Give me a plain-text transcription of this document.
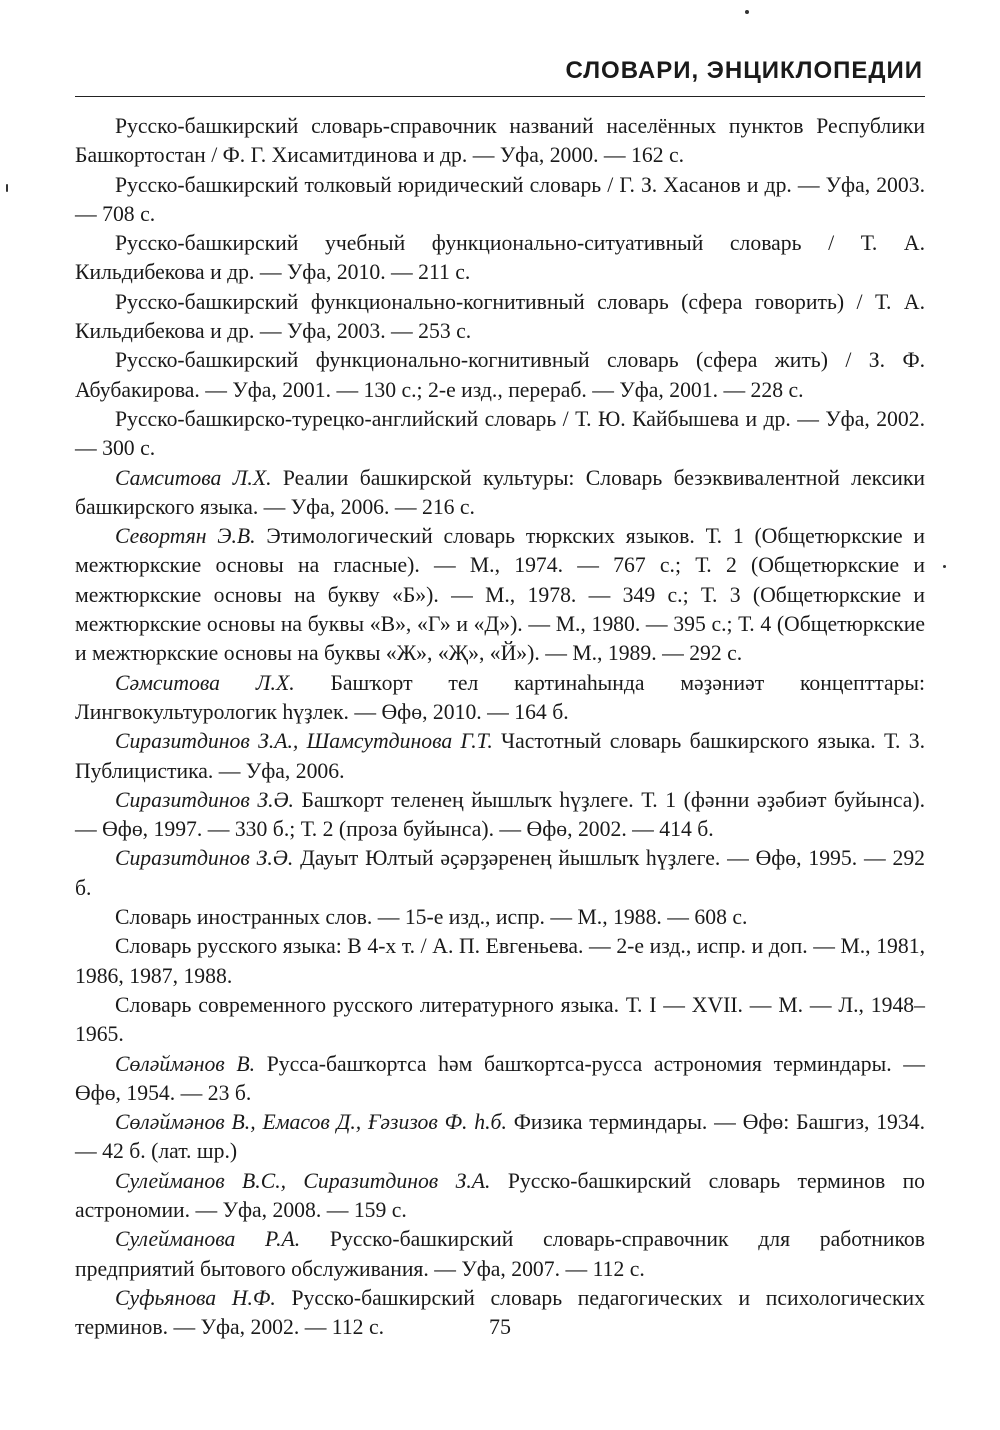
СЛОВАРИ, ЭНЦИКЛОПЕДИИ

Русско-башкирский словарь-справочник названий населённых пунктов Республики Башкортостан / Ф. Г. Хисамитдинова и др. — Уфа, 2000. — 162 с.

Русско-башкирский толковый юридический словарь / Г. З. Хасанов и др. — Уфа, 2003. — 708 с.

Русско-башкирский учебный функционально-ситуативный словарь / Т. А. Кильдибекова и др. — Уфа, 2010. — 211 с.

Русско-башкирский функционально-когнитивный словарь (сфера говорить) / Т. А. Кильдибекова и др. — Уфа, 2003. — 253 с.

Русско-башкирский функционально-когнитивный словарь (сфера жить) / З. Ф. Абубакирова. — Уфа, 2001. — 130 с.; 2-е изд., перераб. — Уфа, 2001. — 228 с.

Русско-башкирско-турецко-английский словарь / Т. Ю. Кайбышева и др. — Уфа, 2002. — 300 с.

Самситова Л.Х. Реалии башкирской культуры: Словарь безэквивалентной лексики башкирского языка. — Уфа, 2006. — 216 с.

Севортян Э.В. Этимологический словарь тюркских языков. Т. 1 (Общетюркские и межтюркские основы на гласные). — М., 1974. — 767 с.; Т. 2 (Общетюркские и межтюркские основы на букву «Б»). — М., 1978. — 349 с.; Т. 3 (Общетюркские и межтюркские основы на буквы «В», «Г» и «Д»). — М., 1980. — 395 с.; Т. 4 (Общетюркские и межтюркские основы на буквы «Ж», «Җ», «Й»). — М., 1989. — 292 с.

Сәмситова Л.Х. Башҡорт тел картинаһында мәҙәниәт концепттары: Лингвокультурологик һүҙлек. — Өфө, 2010. — 164 б.

Сиразитдинов З.А., Шамсутдинова Г.Т. Частотный словарь башкирского языка. Т. 3. Публицистика. — Уфа, 2006.

Сиразитдинов З.Ә. Башҡорт теленең йышлыҡ һүҙлеге. Т. 1 (фәнни әҙәбиәт буйынса). — Өфө, 1997. — 330 б.; Т. 2 (проза буйынса). — Өфө, 2002. — 414 б.

Сиразитдинов З.Ә. Дауыт Юлтый әҫәрҙәренең йышлыҡ һүҙлеге. — Өфө, 1995. — 292 б.

Словарь иностранных слов. — 15-е изд., испр. — М., 1988. — 608 с.

Словарь русского языка: В 4-х т. / А. П. Евгеньева. — 2-е изд., испр. и доп. — М., 1981, 1986, 1987, 1988.

Словарь современного русского литературного языка. Т. I — XVII. — М. — Л., 1948–1965.

Сөләймәнов В. Русса-башҡортса һәм башҡортса-русса астрономия терминдары. — Өфө, 1954. — 23 б.

Сөләймәнов В., Емасов Д., Ғәзизов Ф. h.б. Физика терминдары. — Өфө: Башгиз, 1934. — 42 б. (лат. шр.)

Сулейманов В.С., Сиразитдинов З.А. Русско-башкирский словарь терминов по астрономии. — Уфа, 2008. — 159 с.

Сулейманова Р.А. Русско-башкирский словарь-справочник для работников предприятий бытового обслуживания. — Уфа, 2007. — 112 с.

Суфьянова Н.Ф. Русско-башкирский словарь педагогических и психологических терминов. — Уфа, 2002. — 112 с.	75
